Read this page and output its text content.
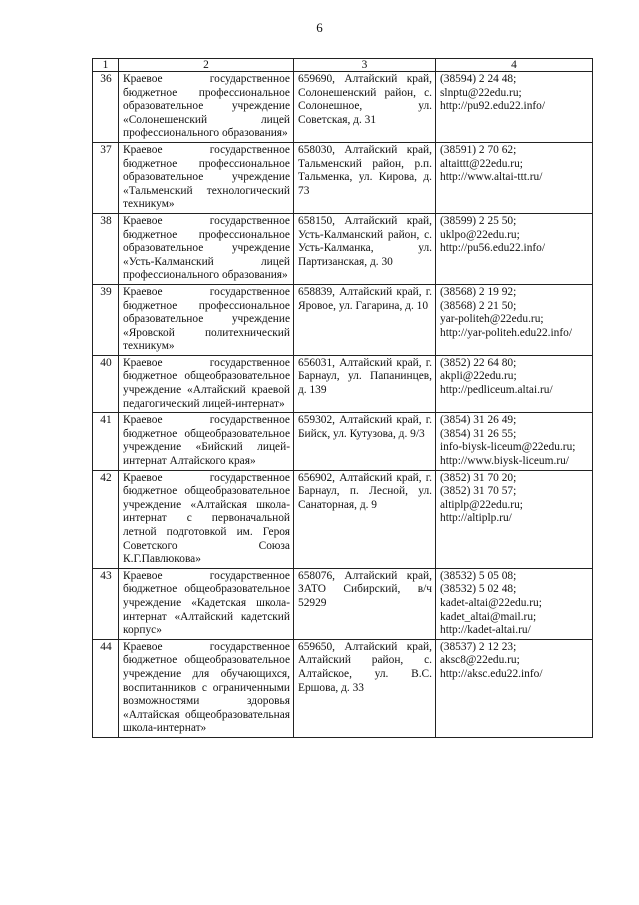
6
1	2	3	4
36	Краевое государственное бюджетное профессиональное образовательное учреждение «Солонешенский лицей профессионального образования»	659690, Алтайский край, Солонешенский район, с. Солонешное, ул. Советская, д. 31	(38594) 2 24 48;
slnptu@22edu.ru;
http://pu92.edu22.info/

37	Краевое государственное бюджетное профессиональное образовательное учреждение «Тальменский технологический техникум»	658030, Алтайский край, Тальменский район, р.п. Тальменка, ул. Кирова, д. 73	(38591) 2 70 62;
altaittt@22edu.ru;
http://www.altai-ttt.ru/

38	Краевое государственное бюджетное профессиональное образовательное учреждение «Усть-Калманский лицей профессионального образования»	658150, Алтайский край, Усть-Калманский район, с. Усть-Калманка, ул. Партизанская, д. 30	(38599) 2 25 50;
uklpo@22edu.ru;
http://pu56.edu22.info/

39	Краевое государственное бюджетное профессиональное образовательное учреждение «Яровской политехнический техникум»	658839, Алтайский край, г. Яровое, ул. Гагарина, д. 10	(38568) 2 19 92;
(38568) 2 21 50;
yar-politeh@22edu.ru;
http://yar-politeh.edu22.info/

40	Краевое государственное бюджетное общеобразовательное учреждение «Алтайский краевой педагогический лицей-интернат»	656031, Алтайский край, г. Барнаул, ул. Папанинцев, д. 139	(3852) 22 64 80;
akpli@22edu.ru;
http://pedliceum.altai.ru/

41	Краевое государственное бюджетное общеобразовательное учреждение «Бийский лицей-интернат Алтайского края»	659302, Алтайский край, г. Бийск, ул. Кутузова, д. 9/3	(3854) 31 26 49;
(3854) 31 26 55;
info-biysk-liceum@22edu.ru;
http://www.biysk-liceum.ru/

42	Краевое государственное бюджетное общеобразовательное учреждение «Алтайская школа-интернат с первоначальной летной подготовкой им. Героя Советского Союза К.Г.Павлюкова»	656902, Алтайский край, г. Барнаул, п. Лесной, ул. Санаторная, д. 9	(3852) 31 70 20;
(3852) 31 70 57;
altiplp@22edu.ru;
http://altiplp.ru/

43	Краевое государственное бюджетное общеобразовательное учреждение «Кадетская школа-интернат «Алтайский кадетский корпус»	658076, Алтайский край, ЗАТО Сибирский, в/ч 52929	(38532) 5 05 08;
(38532) 5 02 48;
kadet-altai@22edu.ru;
kadet_altai@mail.ru;
http://kadet-altai.ru/

44	Краевое государственное бюджетное общеобразовательное учреждение для обучающихся, воспитанников с ограниченными возможностями здоровья «Алтайская общеобразовательная школа-интернат»	659650, Алтайский край, Алтайский район, с. Алтайское, ул. В.С. Ершова, д. 33	(38537) 2 12 23;
aksc8@22edu.ru;
http://aksc.edu22.info/
